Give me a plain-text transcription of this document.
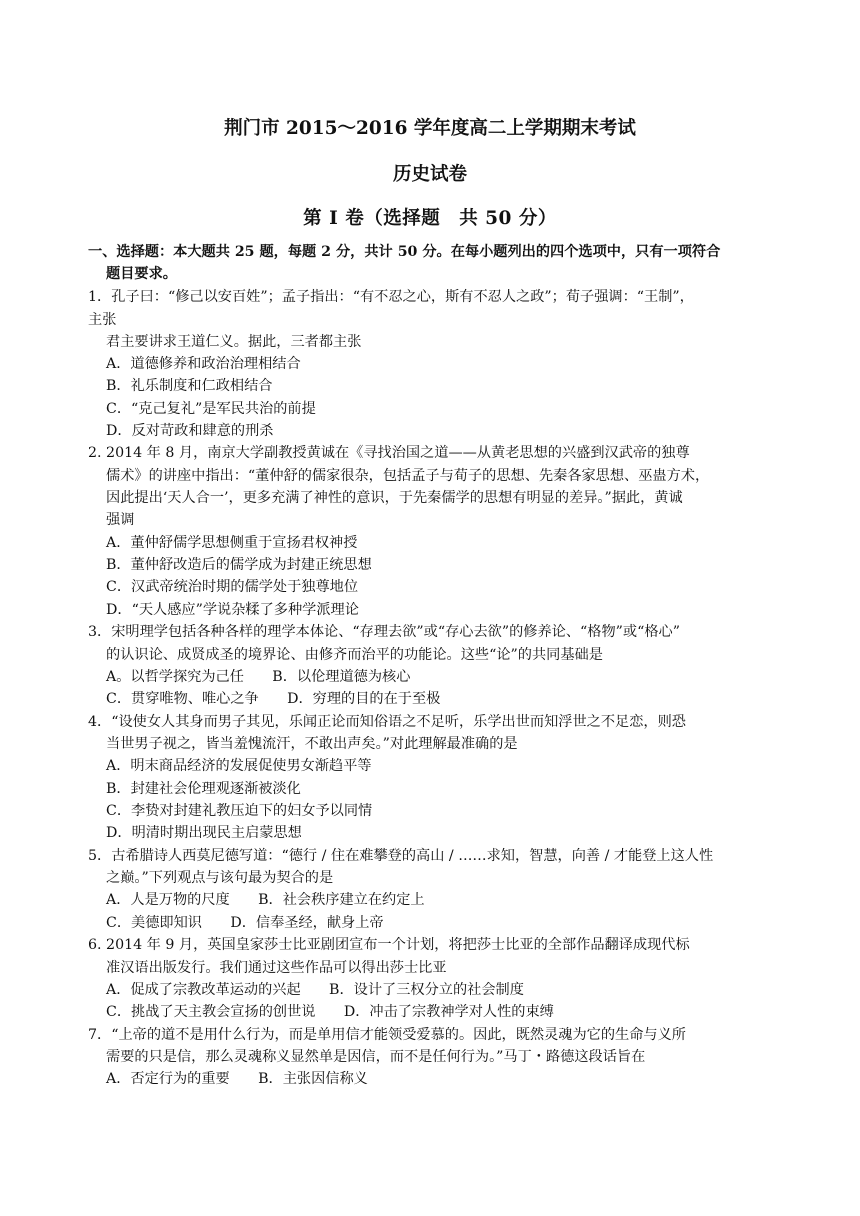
荆门市 2015～2016 学年度高二上学期期末考试
历史试卷
第 I 卷（选择题　共 50 分）
一、选择题：本大题共 25 题，每题 2 分，共计 50 分。在每小题列出的四个选项中，只有一项符合
题目要求。
1．孔子曰：“修己以安百姓”；孟子指出：“有不忍之心，斯有不忍人之政”；荀子强调：“王制”，
主张
君主要讲求王道仁义。据此，三者都主张
A．道德修养和政治治理相结合
B．礼乐制度和仁政相结合
C．“克己复礼”是军民共治的前提
D．反对苛政和肆意的刑杀
2. 2014 年 8 月，南京大学副教授黄诚在《寻找治国之道——从黄老思想的兴盛到汉武帝的独尊
儒术》的讲座中指出：“董仲舒的儒家很杂，包括孟子与荀子的思想、先秦各家思想、巫蛊方术，
因此提出‘天人合一’，更多充满了神性的意识，于先秦儒学的思想有明显的差异。”据此，黄诚
强调
A．董仲舒儒学思想侧重于宣扬君权神授
B．董仲舒改造后的儒学成为封建正统思想
C．汉武帝统治时期的儒学处于独尊地位
D．“天人感应”学说杂糅了多种学派理论
3．宋明理学包括各种各样的理学本体论、“存理去欲”或“存心去欲”的修养论、“格物”或“格心”
的认识论、成贤成圣的境界论、由修齐而治平的功能论。这些“论”的共同基础是
A。以哲学探究为己任　　B．以伦理道德为核心
C．贯穿唯物、唯心之争　　D．穷理的目的在于至极
4．“设使女人其身而男子其见，乐闻正论而知俗语之不足听，乐学出世而知浮世之不足恋，则恐
当世男子视之，皆当羞愧流汗，不敢出声矣。”对此理解最准确的是
A．明末商品经济的发展促使男女渐趋平等
B．封建社会伦理观逐渐被淡化
C．李贽对封建礼教压迫下的妇女予以同情
D．明清时期出现民主启蒙思想
5．古希腊诗人西莫尼德写道：“德行 / 住在难攀登的高山 / ……求知，智慧，向善 / 才能登上这人性
之巅。”下列观点与该句最为契合的是
A．人是万物的尺度　　B．社会秩序建立在约定上
C．美德即知识　　D．信奉圣经，献身上帝
6. 2014 年 9 月，英国皇家莎士比亚剧团宣布一个计划，将把莎士比亚的全部作品翻译成现代标
准汉语出版发行。我们通过这些作品可以得出莎士比亚
A．促成了宗教改革运动的兴起　　B．设计了三权分立的社会制度
C．挑战了天主教会宣扬的创世说　　D．冲击了宗教神学对人性的束缚
7．“上帝的道不是用什么行为，而是单用信才能领受爱慕的。因此，既然灵魂为它的生命与义所
需要的只是信，那么灵魂称义显然单是因信，而不是任何行为。”马丁・路德这段话旨在
A．否定行为的重要　　B．主张因信称义
